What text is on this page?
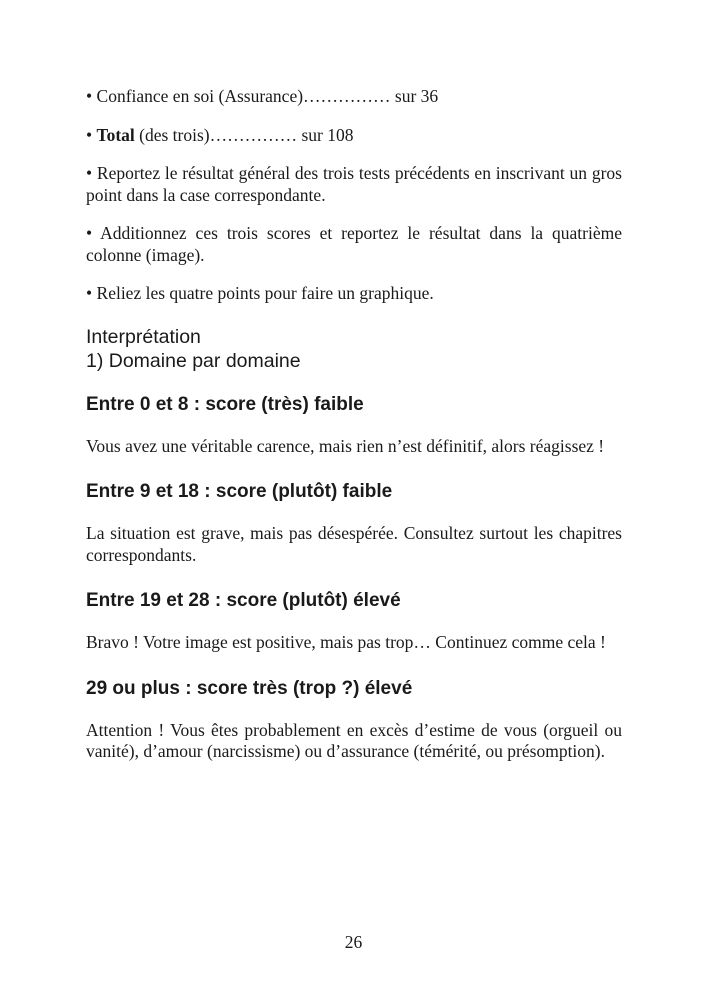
• Confiance en soi (Assurance)…………… sur 36

• Total (des trois)…………… sur 108

• Reportez le résultat général des trois tests précédents en inscrivant un gros point dans la case correspondante.

• Additionnez ces trois scores et reportez le résultat dans la quatrième colonne (image).

• Reliez les quatre points pour faire un graphique.

Interprétation
1) Domaine par domaine
Entre 0 et 8 : score (très) faible

Vous avez une véritable carence, mais rien n’est définitif, alors réagissez !

Entre 9 et 18 : score (plutôt) faible

La situation est grave, mais pas désespérée. Consultez surtout les chapitres correspondants.

Entre 19 et 28 : score (plutôt) élevé

Bravo ! Votre image est positive, mais pas trop… Continuez comme cela !

29 ou plus : score très (trop ?) élevé

Attention ! Vous êtes probablement en excès d’estime de vous (orgueil ou vanité), d’amour (narcissisme) ou d’assurance (témérité, ou présomption).

26
